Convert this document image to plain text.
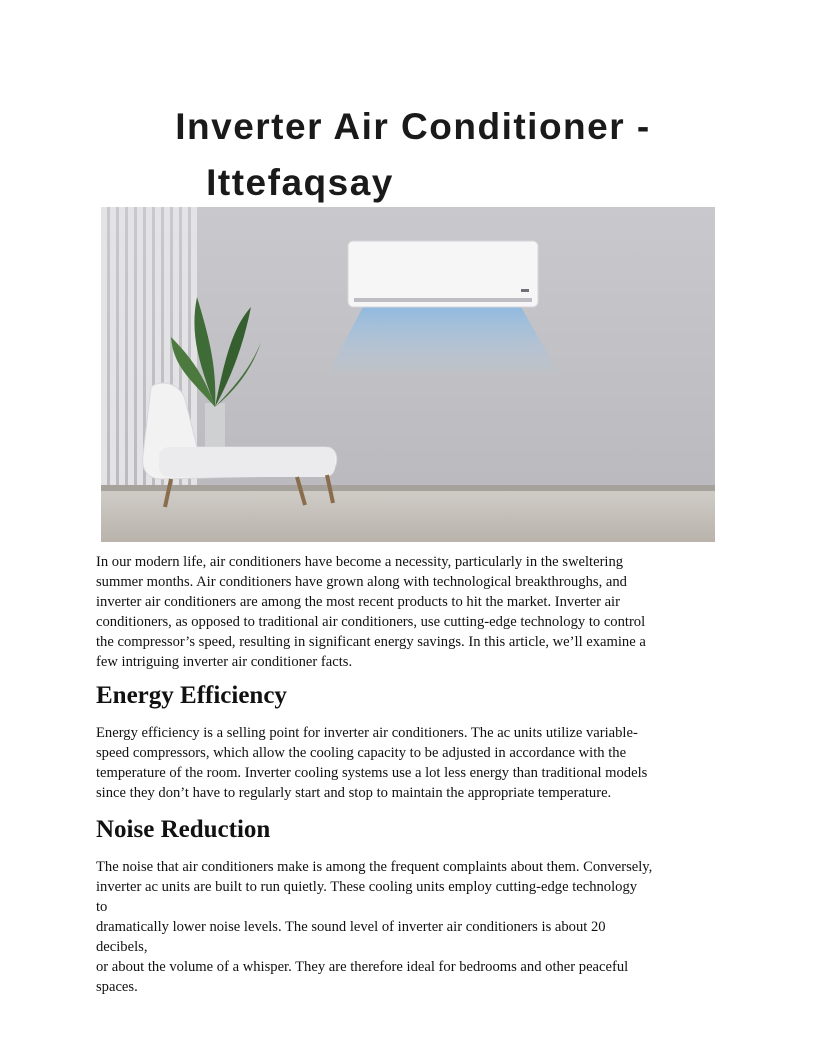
Inverter Air Conditioner -
Ittefaqsay

In our modern life, air conditioners have become a necessity, particularly in the sweltering
summer months. Air conditioners have grown along with technological breakthroughs, and
inverter air conditioners are among the most recent products to hit the market. Inverter air
conditioners, as opposed to traditional air conditioners, use cutting-edge technology to control
the compressor’s speed, resulting in significant energy savings. In this article, we’ll examine a
few intriguing inverter air conditioner facts.

Energy Efficiency

Energy efficiency is a selling point for inverter air conditioners. The ac units utilize variable-
speed compressors, which allow the cooling capacity to be adjusted in accordance with the
temperature of the room. Inverter cooling systems use a lot less energy than traditional models
since they don’t have to regularly start and stop to maintain the appropriate temperature.

Noise Reduction

The noise that air conditioners make is among the frequent complaints about them. Conversely,
inverter ac units are built to run quietly. These cooling units employ cutting-edge technology
to
dramatically lower noise levels. The sound level of inverter air conditioners is about 20
decibels,
or about the volume of a whisper. They are therefore ideal for bedrooms and other peaceful
spaces.
